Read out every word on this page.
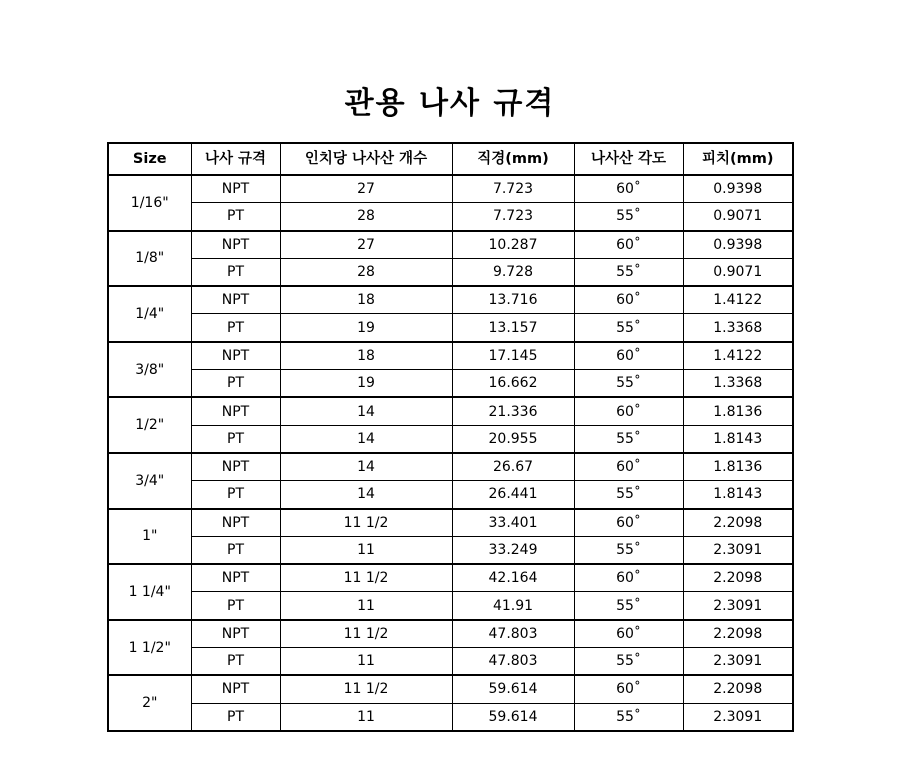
관용 나사 규격
Size	나사 규격	인치당 나사산 개수	직경(mm)	나사산 각도	피치(mm)
1/16"	NPT	27	7.723	60˚	0.9398
	PT	28	7.723	55˚	0.9071
1/8"	NPT	27	10.287	60˚	0.9398
	PT	28	9.728	55˚	0.9071
1/4"	NPT	18	13.716	60˚	1.4122
	PT	19	13.157	55˚	1.3368
3/8"	NPT	18	17.145	60˚	1.4122
	PT	19	16.662	55˚	1.3368
1/2"	NPT	14	21.336	60˚	1.8136
	PT	14	20.955	55˚	1.8143
3/4"	NPT	14	26.67	60˚	1.8136
	PT	14	26.441	55˚	1.8143
1"	NPT	11 1/2	33.401	60˚	2.2098
	PT	11	33.249	55˚	2.3091
1 1/4"	NPT	11 1/2	42.164	60˚	2.2098
	PT	11	41.91	55˚	2.3091
1 1/2"	NPT	11 1/2	47.803	60˚	2.2098
	PT	11	47.803	55˚	2.3091
2"	NPT	11 1/2	59.614	60˚	2.2098
	PT	11	59.614	55˚	2.3091
